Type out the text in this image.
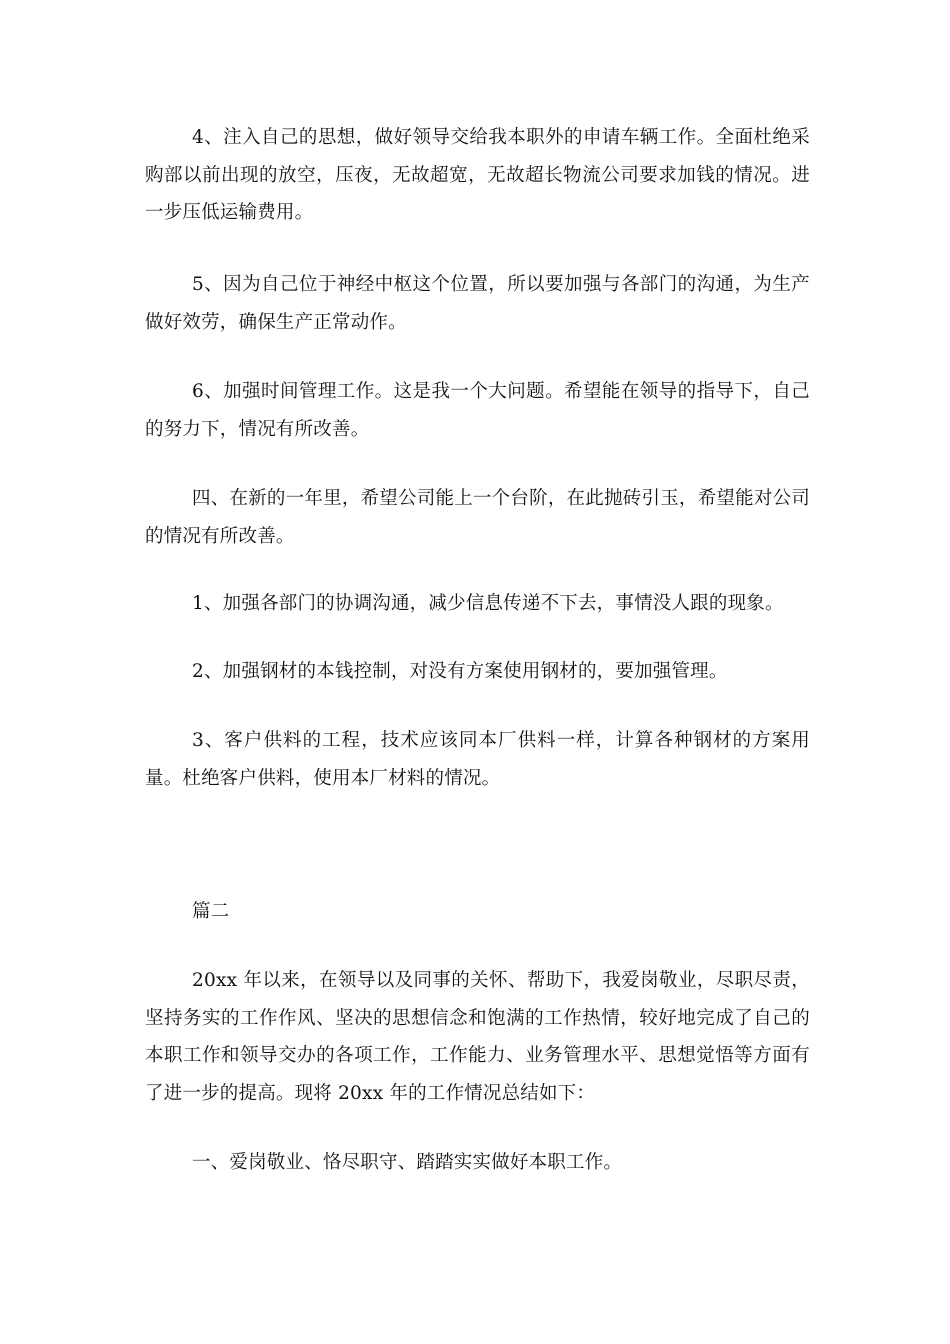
4、注入自己的思想，做好领导交给我本职外的申请车辆工作。全面杜绝采购部以前出现的放空，压夜，无故超宽，无故超长物流公司要求加钱的情况。进一步压低运输费用。

5、因为自己位于神经中枢这个位置，所以要加强与各部门的沟通，为生产做好效劳，确保生产正常动作。

6、加强时间管理工作。这是我一个大问题。希望能在领导的指导下，自己的努力下，情况有所改善。

四、在新的一年里，希望公司能上一个台阶，在此抛砖引玉，希望能对公司的情况有所改善。

1、加强各部门的协调沟通，减少信息传递不下去，事情没人跟的现象。

2、加强钢材的本钱控制，对没有方案使用钢材的，要加强管理。

3、客户供料的工程，技术应该同本厂供料一样，计算各种钢材的方案用量。杜绝客户供料，使用本厂材料的情况。

篇二

20xx 年以来，在领导以及同事的关怀、帮助下，我爱岗敬业，尽职尽责，坚持务实的工作作风、坚决的思想信念和饱满的工作热情，较好地完成了自己的本职工作和领导交办的各项工作，工作能力、业务管理水平、思想觉悟等方面有了进一步的提高。现将 20xx 年的工作情况总结如下：

一、爱岗敬业、恪尽职守、踏踏实实做好本职工作。
